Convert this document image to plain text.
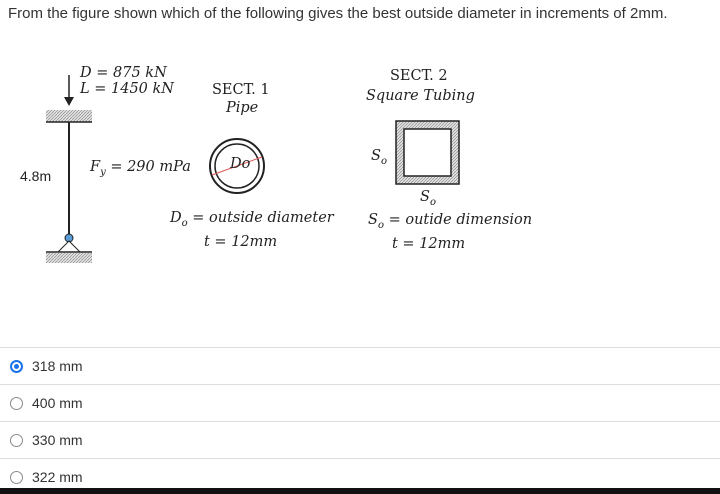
From the figure shown which of the following gives the best outside diameter in increments of 2mm.
D = 875 kN
L = 1450 kN
4.8m
$F_y = 290$ mPa
SECT. 1
Pipe
Do
$D_o$ = outside diameter
t = 12mm
SECT. 2
Square Tubing
$S_o$
$S_o$
$S_o$ = outide dimension
t = 12mm
318 mm
400 mm
330 mm
322 mm
